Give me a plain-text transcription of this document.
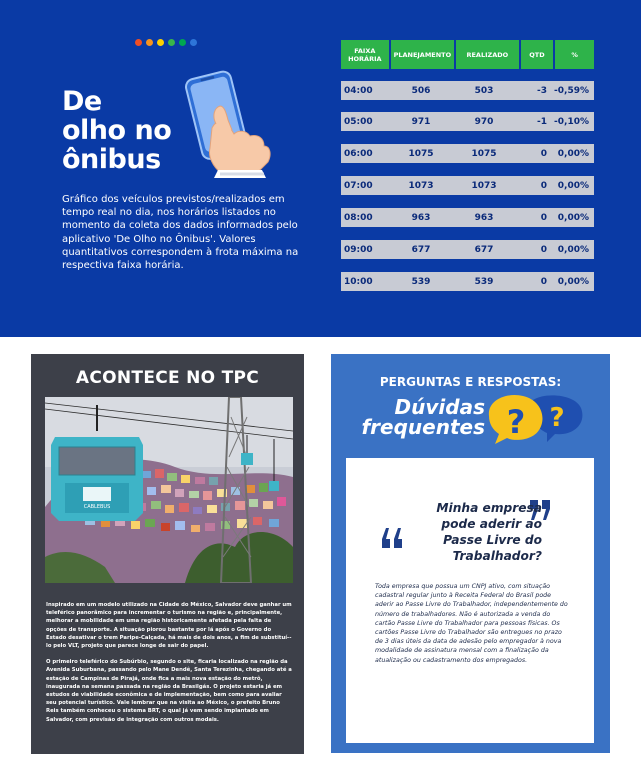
De
olho no
ônibus

Gráfico dos veículos previstos/realizados em tempo real no dia, nos horários listados no momento da coleta dos dados informados pelo aplicativo 'De Olho no Ônibus'. Valores quantitativos correspondem à frota máxima na respectiva faixa horária.

FAIXA HORÁRIA	PLANEJAMENTO	REALIZADO	QTD	%
04:00	506	503	-3 -0,59%
05:00	971	970	-1 -0,10%
06:00	1075	1075	0	0,00%
07:00	1073	1073	0	0,00%
08:00	963	963	0	0,00%
09:00	677	677	0	0,00%
10:00	539	539	0	0,00%
ACONTECE NO TPC
CABLEBUS

Inspirado em um modelo utilizado na Cidade do México, Salvador deve ganhar um teleférico panorâmico para incrementar o turismo na região e, principalmente, melhorar a mobilidade em uma região historicamente afetada pela falta de opções de transporte. A situação piorou bastante por lá após o Governo do Estado desativar o trem Paripe-Calçada, há mais de dois anos, a fim de substituí--lo pelo VLT, projeto que parece longe de sair do papel.

O primeiro teleférico do Subúrbio, segundo o site, ficaria localizado na região da Avenida Suburbana, passando pelo Mane Dendê, Santa Terezinha, chegando até a estação de Campinas de Pirajá, onde fica a mais nova estação do metrô, inaugurada na semana passada na região da Brasilgás. O projeto estaria já em estudos de viabilidade econômica e de implementação, bem como para avaliar seu potencial turístico. Vale lembrar que na visita ao México, o prefeito Bruno Reis também conheceu o sistema BRT, o qual já vem sendo implantado em Salvador, com previsão de integração com outros modais.

PERGUNTAS E RESPOSTAS:
Dúvidas
frequentes ?
?
Minha empresa
pode aderir ao
Passe Livre do
Trabalhador?

Toda empresa que possua um CNPJ ativo, com situação cadastral regular junto à Receita Federal do Brasil pode aderir ao Passe Livre do Trabalhador, independentemente do número de trabalhadores. Não é autorizada a venda do cartão Passe Livre do Trabalhador para pessoas físicas. Os cartões Passe Livre do Trabalhador são entregues no prazo de 3 dias úteis da data de adesão pelo empregador à nova modalidade de assinatura mensal com a finalização da atualização ou cadastramento dos empregados.
